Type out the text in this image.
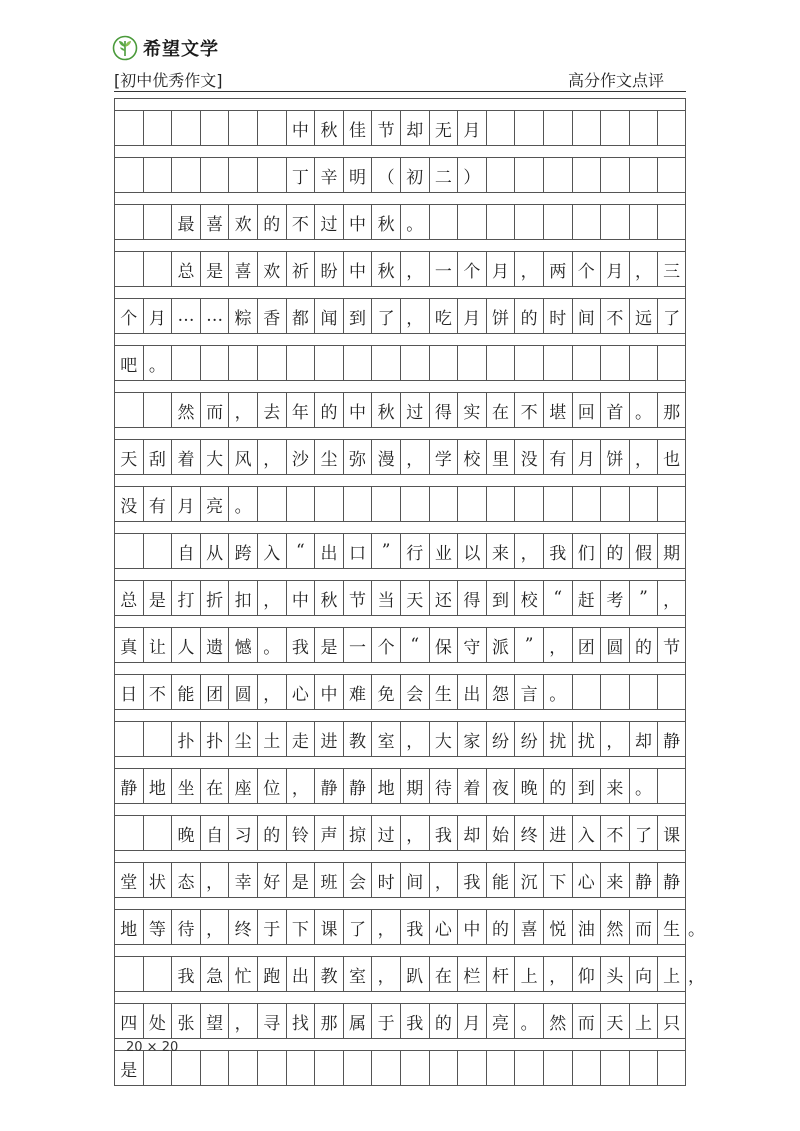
希望文学
[初中优秀作文]	高分作文点评
中 秋 佳 节 却 无 月
丁 辛 明 （ 初 二 ）
最 喜 欢 的 不 过 中 秋 。
总 是 喜 欢 祈 盼 中 秋 ， 一 个 月 ， 两 个 月 ， 三
个 月 … … 粽 香 都 闻 到 了 ， 吃 月 饼 的 时 间 不 远 了
吧 。
然 而 ， 去 年 的 中 秋 过 得 实 在 不 堪 回 首 。 那
天 刮 着 大 风 ， 沙 尘 弥 漫 ， 学 校 里 没 有 月 饼 ， 也
没 有 月 亮 。
自 从 跨 入 “ 出 口 ” 行 业 以 来 ， 我 们 的 假 期
总 是 打 折 扣 ， 中 秋 节 当 天 还 得 到 校 “ 赶 考 ” ，
真 让 人 遗 憾 。 我 是 一 个 “ 保 守 派 ” ， 团 圆 的 节
日 不 能 团 圆 ， 心 中 难 免 会 生 出 怨 言 。
扑 扑 尘 土 走 进 教 室 ， 大 家 纷 纷 扰 扰 ， 却 静
静 地 坐 在 座 位 ， 静 静 地 期 待 着 夜 晚 的 到 来 。
晚 自 习 的 铃 声 掠 过 ， 我 却 始 终 进 入 不 了 课
堂 状 态 ， 幸 好 是 班 会 时 间 ， 我 能 沉 下 心 来 静 静
地 等 待 ， 终 于 下 课 了 ， 我 心 中 的 喜 悦 油 然 而 生
我 急 忙 跑 出 教 室 ， 趴 在 栏 杆 上 ， 仰 头 向 上
四 处 张 望 ， 寻 找 那 属 于 我 的 月 亮 。 然 而 天 上 只
是
20 × 20
。
，
